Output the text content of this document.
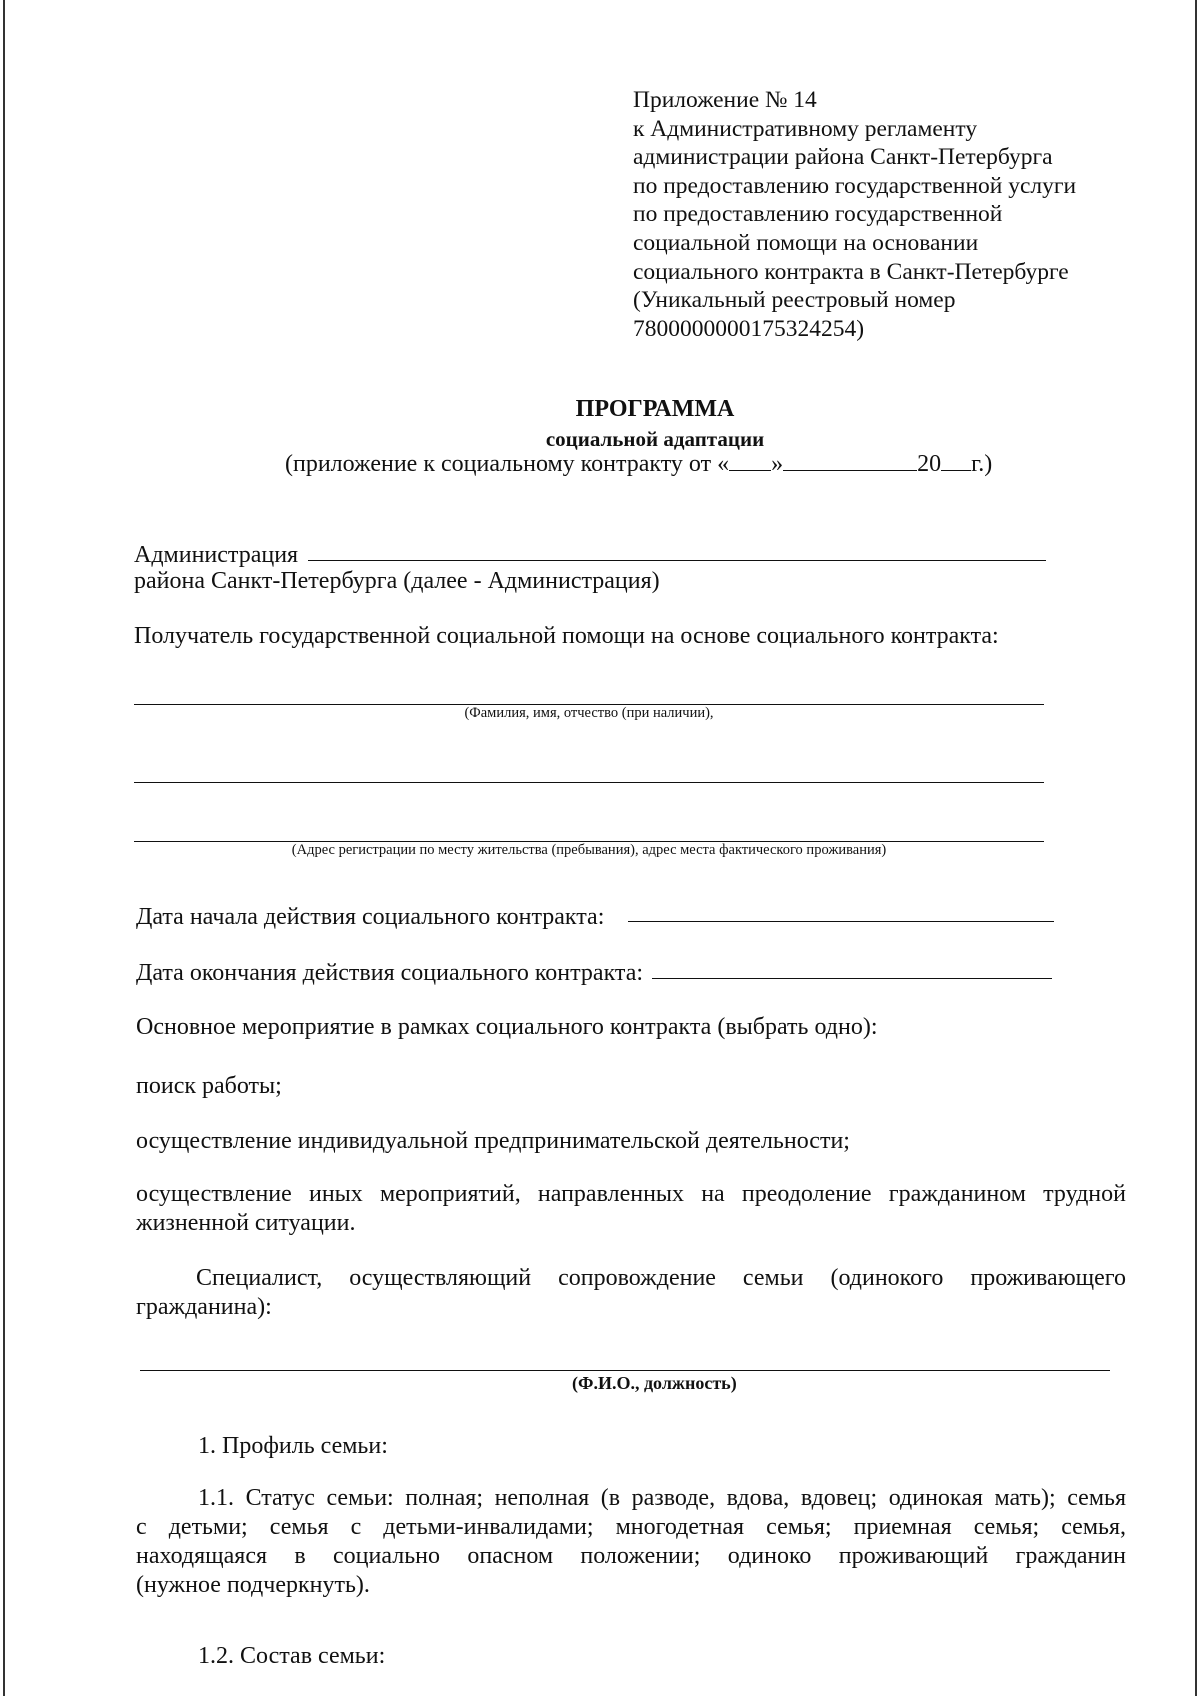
Приложение № 14
к Административному регламенту
администрации района Санкт-Петербурга
по предоставлению государственной услуги
по предоставлению государственной
социальной помощи на основании
социального контракта в Санкт-Петербурге
(Уникальный реестровый номер
7800000000175324254)
ПРОГРАММА
социальной адаптации
(приложение к социальному контракту от « »	20 г.)
Администрация
района Санкт-Петербурга (далее - Администрация)
Получатель государственной социальной помощи на основе социального контракта:
(Фамилия, имя, отчество (при наличии),
(Адрес регистрации по месту жительства (пребывания), адрес места фактического проживания)
Дата начала действия социального контракта:
Дата окончания действия социального контракта:
Основное мероприятие в рамках социального контракта (выбрать одно):
поиск работы;
осуществление индивидуальной предпринимательской деятельности;
осуществление иных мероприятий, направленных на преодоление гражданином трудной
жизненной ситуации.
Специалист, осуществляющий сопровождение семьи (одинокого проживающего
гражданина):
(Ф.И.О., должность)
1. Профиль семьи:
1.1. Статус семьи: полная; неполная (в разводе, вдова, вдовец; одинокая мать); семья
с детьми; семья с детьми-инвалидами; многодетная семья; приемная семья; семья,
находящаяся в социально опасном положении; одиноко проживающий гражданин
(нужное подчеркнуть).
1.2. Состав семьи:
